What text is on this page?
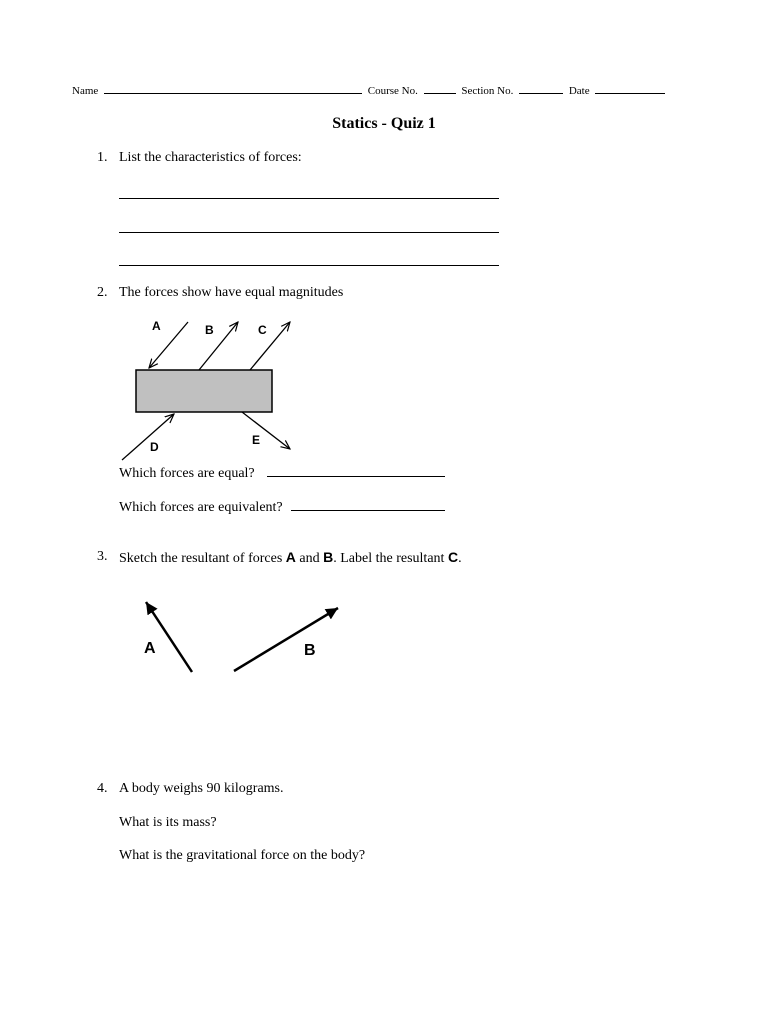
Name	Course No.	Section No.	Date
Statics - Quiz 1
1. List the characteristics of forces:
2. The forces show have equal magnitudes
A	B	C
D	E
Which forces are equal?
Which forces are equivalent?
3. Sketch the resultant of forces A and B. Label the resultant C.
A	B
4. A body weighs 90 kilograms.
What is its mass?
What is the gravitational force on the body?
